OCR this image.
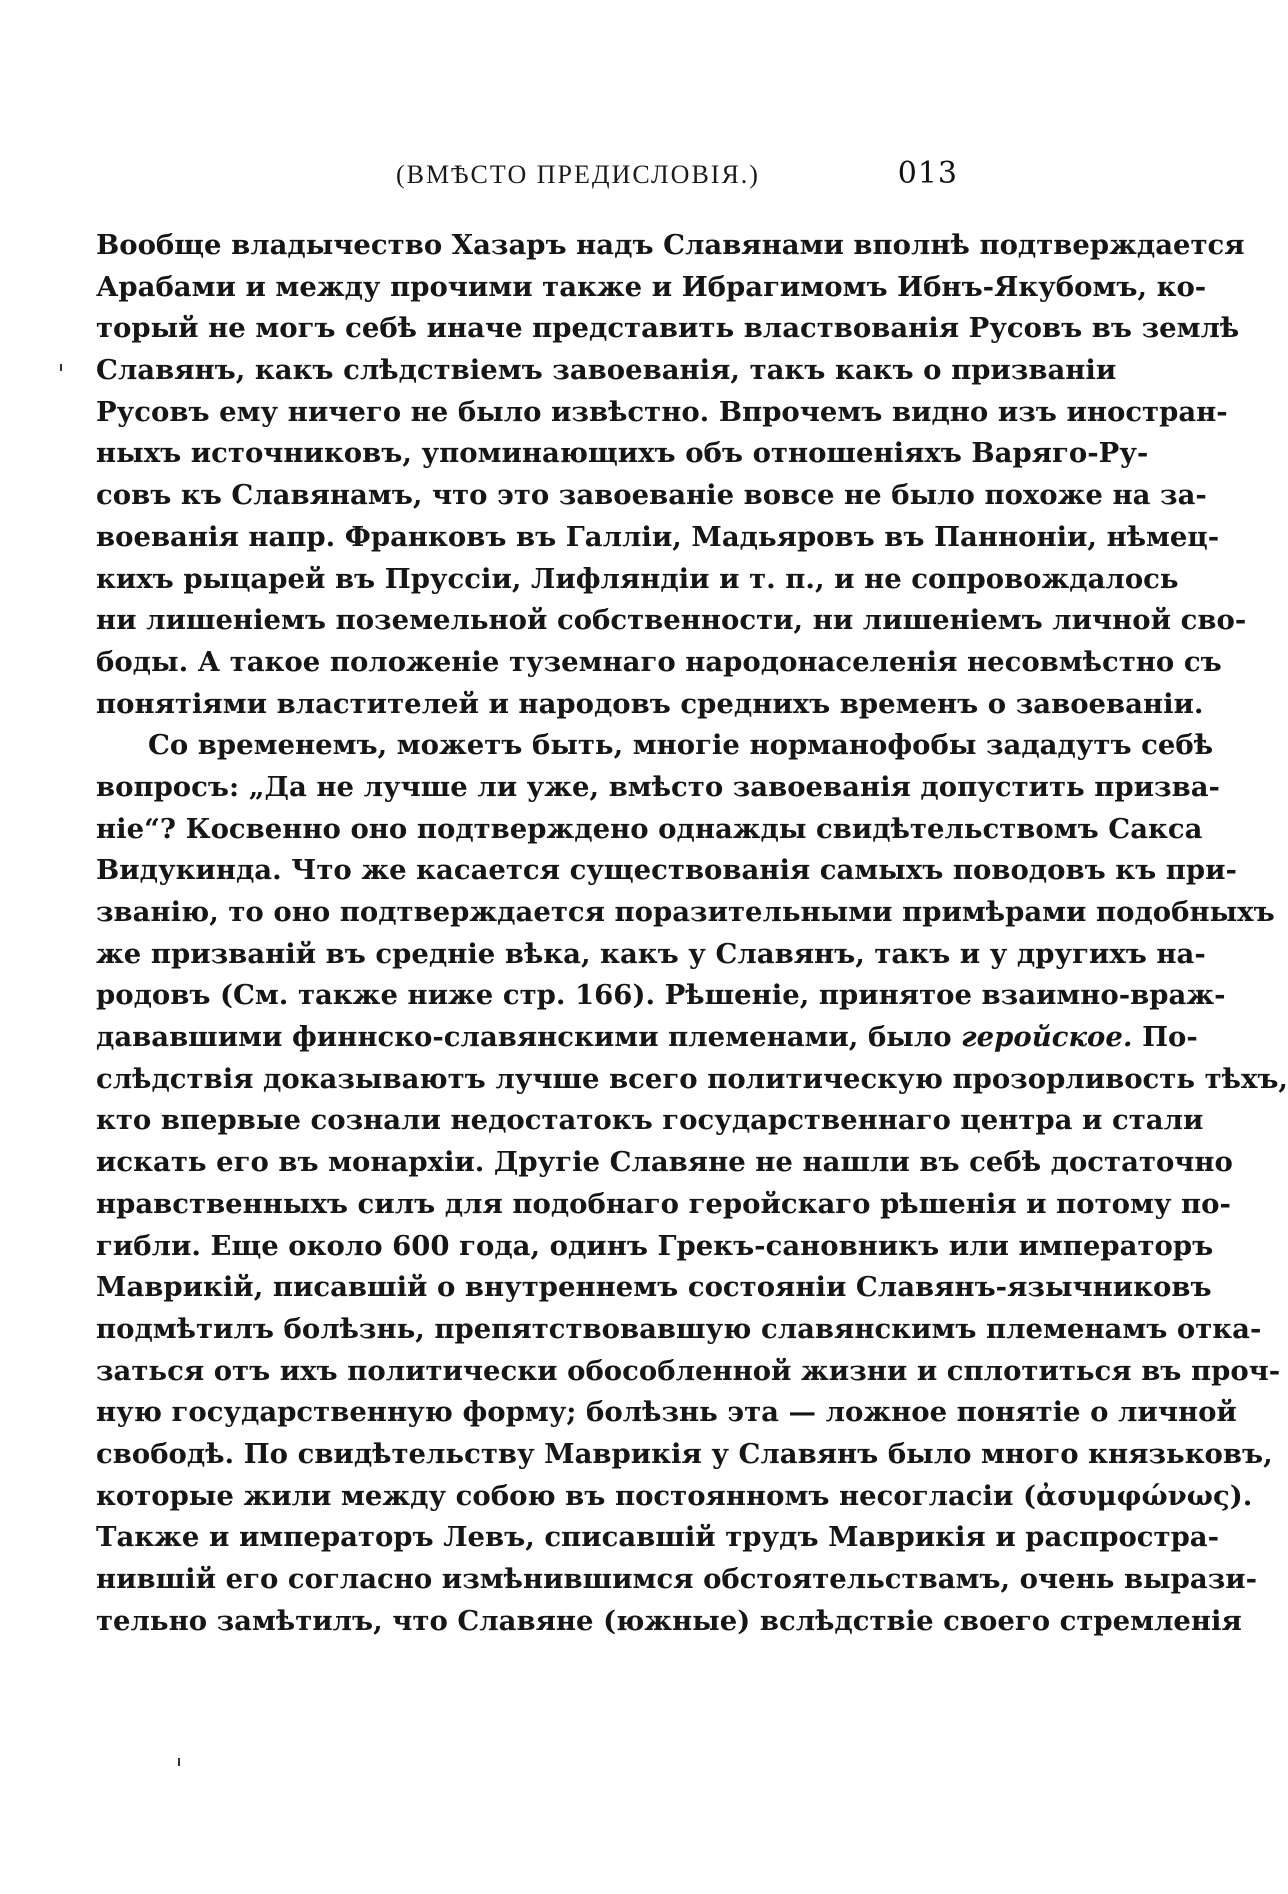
(ВМѢСТО ПРЕДИСЛОВІЯ.)	013
Вообще владычество Хазаръ надъ Славянами вполнѣ подтверждается
Арабами и между прочими также и Ибрагимомъ Ибнъ-Якубомъ, ко-
торый не могъ себѣ иначе представить властвованія Русовъ въ землѣ
Славянъ, какъ слѣдствіемъ завоеванія, такъ какъ о призваніи
Русовъ ему ничего не было извѣстно. Впрочемъ видно изъ иностран-
ныхъ источниковъ, упоминающихъ объ отношеніяхъ Варяго-Ру-
совъ къ Славянамъ, что это завоеваніе вовсе не было похоже на за-
воеванія напр. Франковъ въ Галліи, Мадьяровъ въ Панноніи, нѣмец-
кихъ рыцарей въ Пруссіи, Лифляндіи и т. п., и не сопровождалось
ни лишеніемъ поземельной собственности, ни лишеніемъ личной сво-
боды. А такое положеніе туземнаго народонаселенія несовмѣстно съ
понятіями властителей и народовъ среднихъ временъ о завоеваніи.
Со временемъ, можетъ быть, многіе норманофобы зададутъ себѣ
вопросъ: „Да не лучше ли уже, вмѣсто завоеванія допустить призва-
ніе“? Косвенно оно подтверждено однажды свидѣтельствомъ Сакса
Видукинда. Что же касается существованія самыхъ поводовъ къ при-
званію, то оно подтверждается поразительными примѣрами подобныхъ
же призваній въ средніе вѣка, какъ у Славянъ, такъ и у другихъ на-
родовъ (См. также ниже стр. 166). Рѣшеніе, принятое взаимно-враж-
дававшими финнско-славянскими племенами, было геройское. По-
слѣдствія доказываютъ лучше всего политическую прозорливость тѣхъ,
кто впервые сознали недостатокъ государственнаго центра и стали
искать его въ монархіи. Другіе Славяне не нашли въ себѣ достаточно
нравственныхъ силъ для подобнаго геройскаго рѣшенія и потому по-
гибли. Еще около 600 года, одинъ Грекъ-сановникъ или императоръ
Маврикій, писавшій о внутреннемъ состояніи Славянъ-язычниковъ
подмѣтилъ болѣзнь, препятствовавшую славянскимъ племенамъ отка-
заться отъ ихъ политически обособленной жизни и сплотиться въ проч-
ную государственную форму; болѣзнь эта — ложное понятіе о личной
свободѣ. По свидѣтельству Маврикія у Славянъ было много князьковъ,
которые жили между собою въ постоянномъ несогласіи (ἀσυμφώνως).
Также и императоръ Левъ, списавшій трудъ Маврикія и распростра-
нившій его согласно измѣнившимся обстоятельствамъ, очень вырази-
тельно замѣтилъ, что Славяне (южные) вслѣдствіе своего стремленія
